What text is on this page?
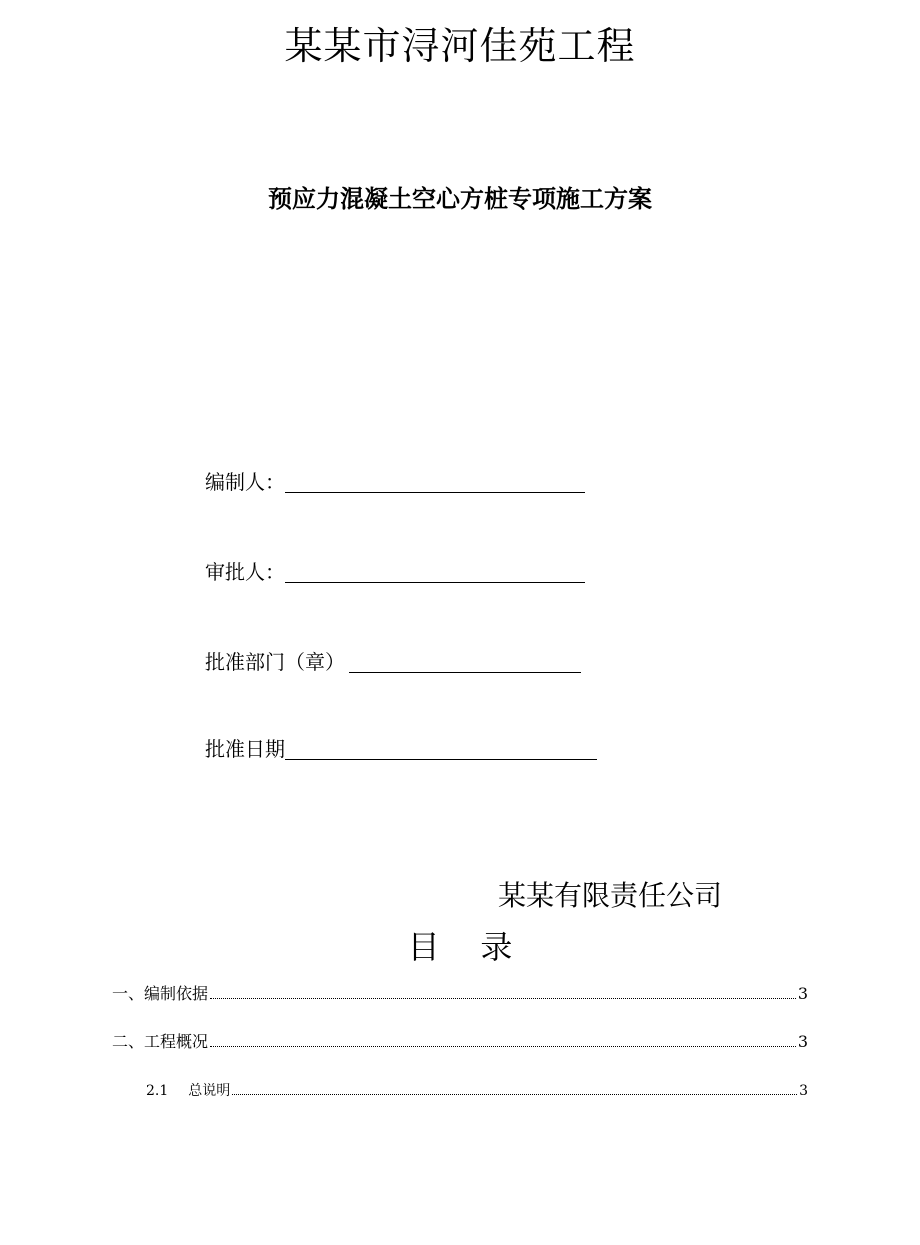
某某市浔河佳苑工程
预应力混凝土空心方桩专项施工方案
编制人：
审批人：
批准部门（章）
批准日期
某某有限责任公司
目    录
一、编制依据	3
二、工程概况	3
2.1 总说明	3
